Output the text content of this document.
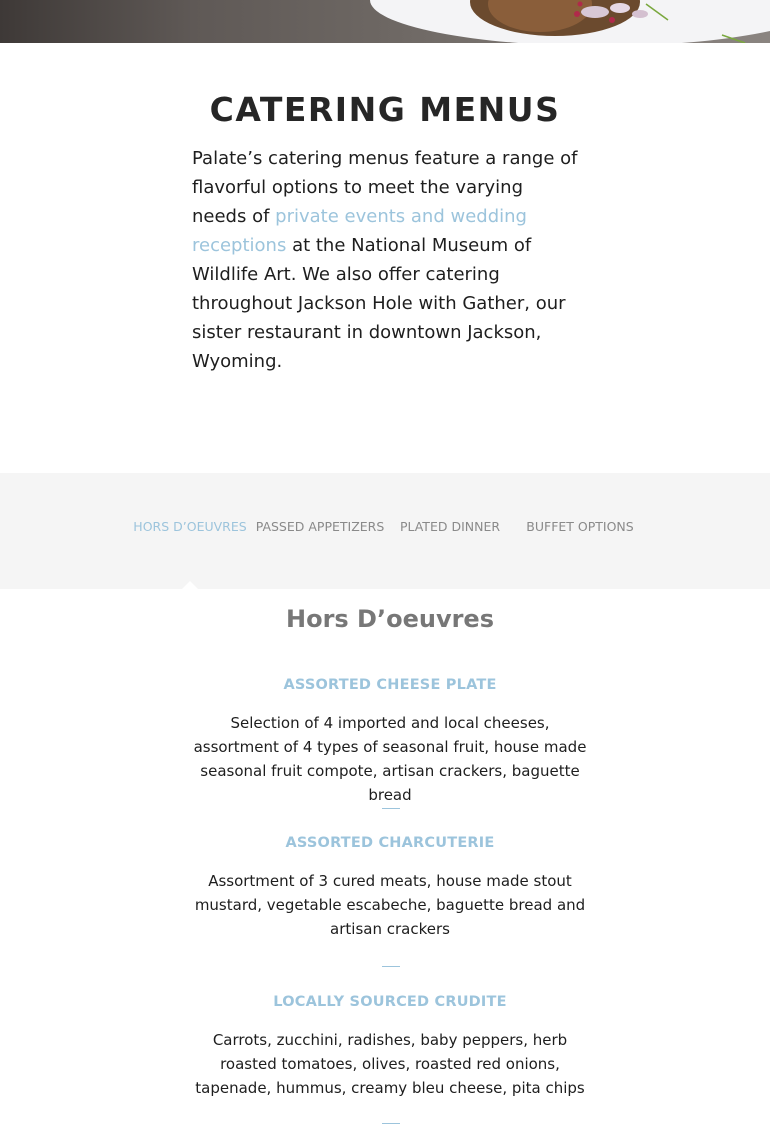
CATERING MENUS

Palate’s catering menus feature a range of flavorful options to meet the varying needs of private events and wedding receptions at the National Museum of Wildlife Art. We also offer catering throughout Jackson Hole with Gather, our sister restaurant in downtown Jackson, Wyoming.

HORS D’OEUVRES PASSED APPETIZERS	PLATED DINNER	BUFFET OPTIONS
Hors D’oeuvres

ASSORTED CHEESE PLATE

Selection of 4 imported and local cheeses, assortment of 4 types of seasonal fruit, house made seasonal fruit compote, artisan crackers, baguette bread

ASSORTED CHARCUTERIE

Assortment of 3 cured meats, house made stout mustard, vegetable escabeche, baguette bread and artisan crackers

LOCALLY SOURCED CRUDITE

Carrots, zucchini, radishes, baby peppers, herb roasted tomatoes, olives, roasted red onions, tapenade, hummus, creamy bleu cheese, pita chips
